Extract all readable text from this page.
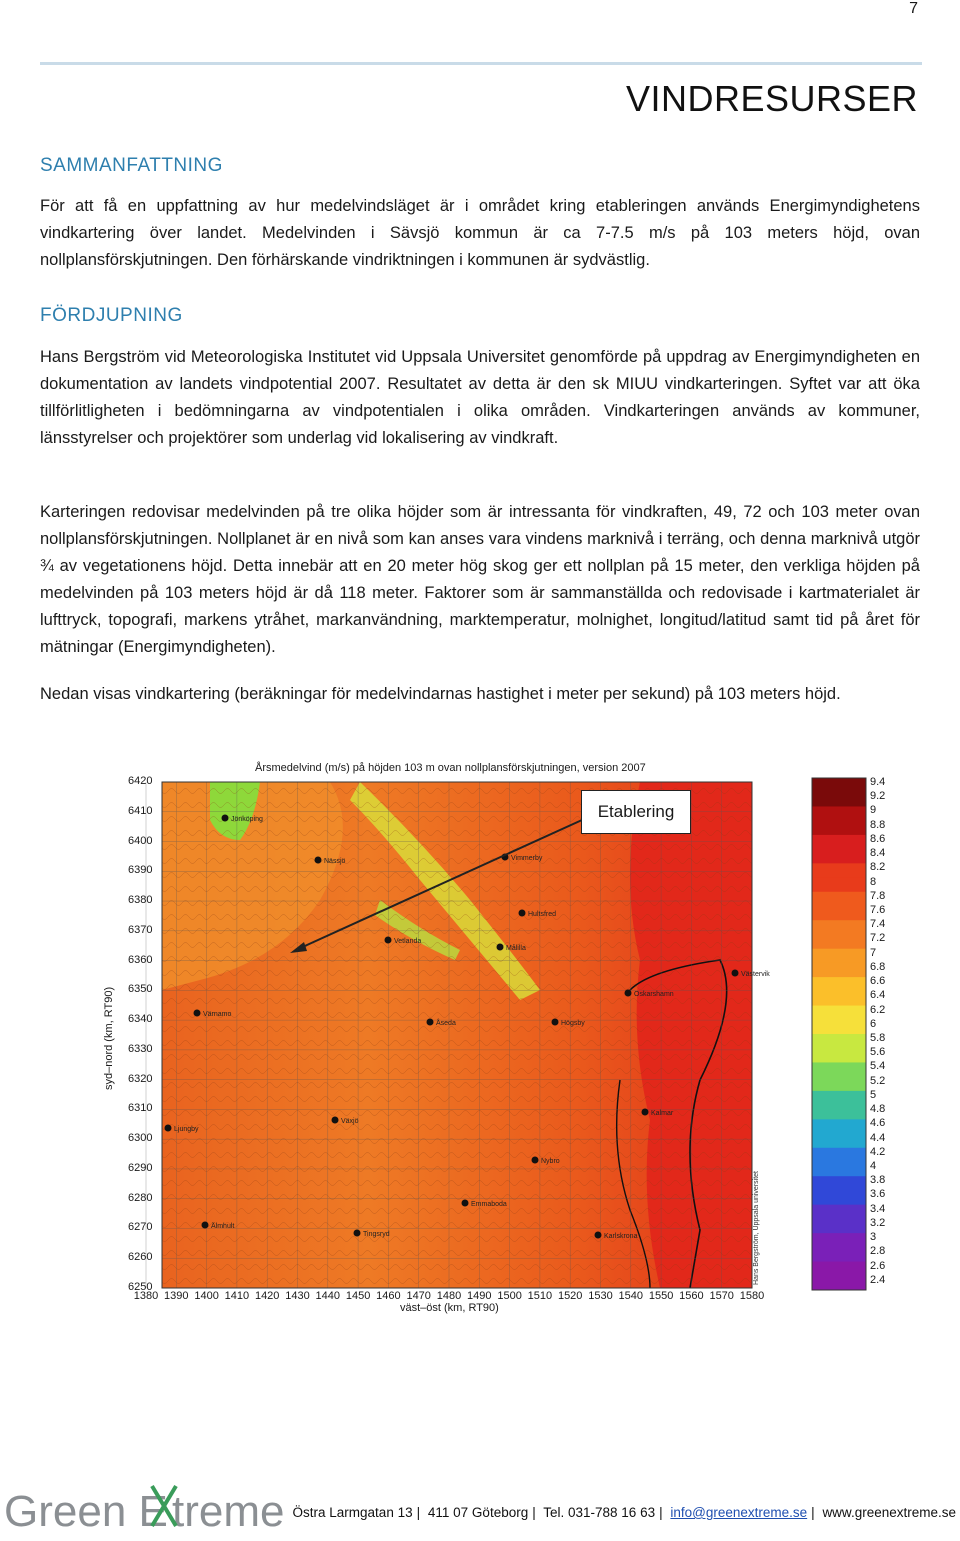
7
VINDRESURSER
SAMMANFATTNING

För att få en uppfattning av hur medelvindsläget är i området kring etableringen används Energimyndighetens vindkartering över landet. Medelvinden i Sävsjö kommun är ca 7-7.5 m/s på 103 meters höjd, ovan nollplansförskjutningen. Den förhärskande vindriktningen i kommunen är sydvästlig.

FÖRDJUPNING

Hans Bergström vid Meteorologiska Institutet vid Uppsala Universitet genomförde på uppdrag av Energimyndigheten en dokumentation av landets vindpotential 2007. Resultatet av detta är den sk MIUU vindkarteringen. Syftet var att öka tillförlitligheten i bedömningarna av vindpotentialen i olika områden. Vindkarteringen används av kommuner, länsstyrelser och projektörer som underlag vid lokalisering av vindkraft.

Karteringen redovisar medelvinden på tre olika höjder som är intressanta för vindkraften, 49, 72 och 103 meter ovan nollplansförskjutningen. Nollplanet är en nivå som kan anses vara vindens marknivå i terräng, och denna marknivå utgör ¾ av vegetationens höjd. Detta innebär att en 20 meter hög skog ger ett nollplan på 15 meter, den verkliga höjden på medelvinden på 103 meters höjd är då 118 meter. Faktorer som är sammanställda och redovisade i kartmaterialet är lufttryck, topografi, markens ytråhet, markanvändning, marktemperatur, molnighet, longitud/latitud samt tid på året för mätningar (Energimyndigheten).

Nedan visas vindkartering (beräkningar för medelvindarnas hastighet i meter per sekund) på 103 meters höjd.

Årsmedelvind (m/s) på höjden 103 m ovan nollplansförskjutningen, version 2007
syd–nord (km, RT90)
väst–öst (km, RT90)
Jönköping
Nässjö	Vimmerby
Hultsfred
Vetlanda
Målilla
Värnamo
Åseda	Högsby
Oskarshamn
Västervik
Växjö
Ljungby
Nybro
Kalmar
Emmaboda
Älmhult
Tingsryd	Karlskrona	Hans Bergström, Uppsala universitet
6420
6410
6400
6390
6380
6370
6360
6350
6340
6330
6320
6310
6300
6290
6280
6270
6260
6250
1380 1390 1400 1410 1420 1430 1440 1450 1460 1470 1480 1490 1500 1510 1520 1530 1540 1550 1560 1570 1580
9.4
9.2
9
8.8
8.6
8.4
8.2
8
7.8
7.6
7.4
7.2
7
6.8
6.6
6.4
6.2
6
5.8
5.6
5.4
5.2
5
4.8
4.6
4.4
4.2
4
3.8
3.6
3.4
3.2
3
2.8
2.6
2.4
Etablering
Green E treme Östra Larmgatan 13 | 411 07 Göteborg | Tel. 031-788 16 63 | info@greenextreme.se | www.greenextreme.se
